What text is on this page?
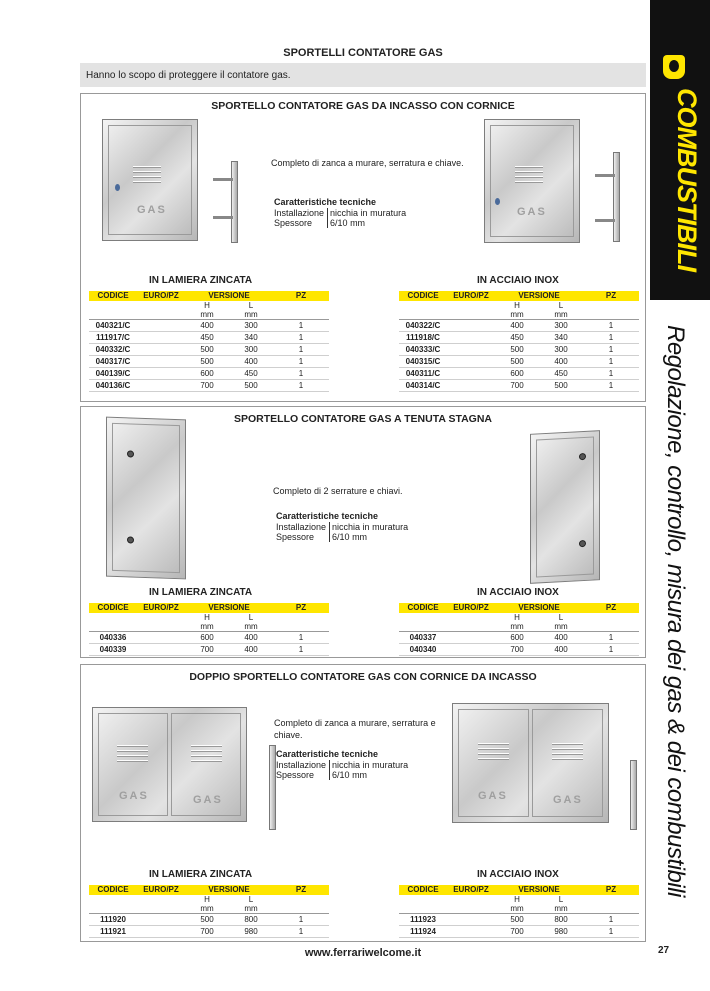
SPORTELLI CONTATORE GAS
Hanno lo scopo di proteggere il contatore gas.
SPORTELLO CONTATORE GAS DA INCASSO CON CORNICE
GAS	GAS
Completo di zanca a murare, serratura e chiave.
Caratteristiche tecniche
Installazione	nicchia in muratura
Spessore	6/10 mm
IN LAMIERA ZINCATA	IN ACCIAIO INOX
CODICE	EURO/PZ	VERSIONE		PZ
		H
mm	L
mm	
040321/C		400	300	1
111917/C		450	340	1
040332/C		500	300	1
040317/C		500	400	1
040139/C		600	450	1
040136/C		700	500	1
CODICE	EURO/PZ	VERSIONE		PZ
		H
mm	L
mm	
040322/C		400	300	1
111918/C		450	340	1
040333/C		500	300	1
040315/C		500	400	1
040311/C		600	450	1
040314/C		700	500	1
SPORTELLO CONTATORE GAS A TENUTA STAGNA
Completo di 2 serrature e chiavi.
Caratteristiche tecniche
Installazione	nicchia in muratura
Spessore	6/10 mm
IN LAMIERA ZINCATA	IN ACCIAIO INOX
CODICE	EURO/PZ	VERSIONE		PZ
		H
mm	L
mm	
040336		600	400	1
040339		700	400	1
CODICE	EURO/PZ	VERSIONE		PZ
		H
mm	L
mm	
040337		600	400	1
040340		700	400	1
DOPPIO SPORTELLO CONTATORE GAS CON CORNICE DA INCASSO
GAS	GAS	GAS	GAS
Completo di zanca a murare, serratura e chiave.
Caratteristiche tecniche
Installazione	nicchia in muratura
Spessore	6/10 mm
IN LAMIERA ZINCATA	IN ACCIAIO INOX
CODICE	EURO/PZ	VERSIONE		PZ
		H
mm	L
mm	
111920		500	800	1
111921		700	980	1
CODICE	EURO/PZ	VERSIONE		PZ
		H
mm	L
mm	
111923		500	800	1
111924		700	980	1
www.ferrariwelcome.it
COMBUSTIBILI
Regolazione, controllo, misura dei gas & dei combustibili
27
